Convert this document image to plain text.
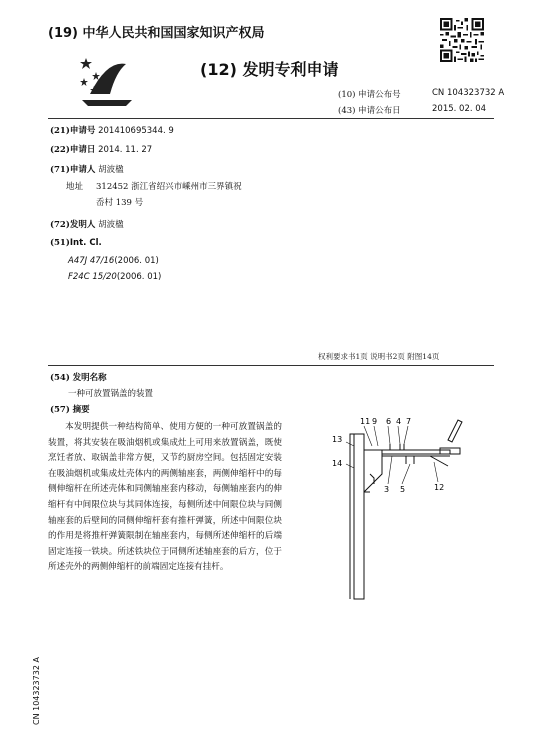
(19) 中华人民共和国国家知识产权局
(12) 发明专利申请
(10) 申请公布号	CN 104323732 A
(43) 申请公布日	2015. 02. 04
(21)申请号 201410695344. 9
(22)申请日 2014. 11. 27
(71)申请人 胡波楹
地址 312452 浙江省绍兴市嵊州市三界镇祝
岙村 139 号
(72)发明人 胡波楹
(51)Int. Cl.
A47J 47/16(2006. 01)
F24C 15/20(2006. 01)
权利要求书1页 说明书2页 附图14页
(54) 发明名称
一种可放置锅盖的装置
(57) 摘要
本发明提供一种结构简单、使用方便的一种可放置锅盖的装置，将其安装在吸油烟机或集成灶上可用来放置锅盖，既使烹饪者放、取锅盖非常方便，又节约厨房空间。包括固定安装在吸油烟机或集成灶壳体内的两侧轴座套，两侧伸缩杆中的每侧伸缩杆在所述壳体和同侧轴座套内移动，每侧轴座套内的伸缩杆有中间限位块与其同体连接，每侧所述中间限位块与同侧轴座套的后壁间的同侧伸缩杆套有推杆弹簧，所述中间限位块的作用是将推杆弹簧限制在轴座套内，每侧所述伸缩杆的后端固定连接一铁块。所述铁块位于同侧所述轴座套的后方，位于所述壳外的两侧伸缩杆的前端固定连接有挂杆。
11 9 6 4 7
13
14
3 5	12
CN 104323732 A
